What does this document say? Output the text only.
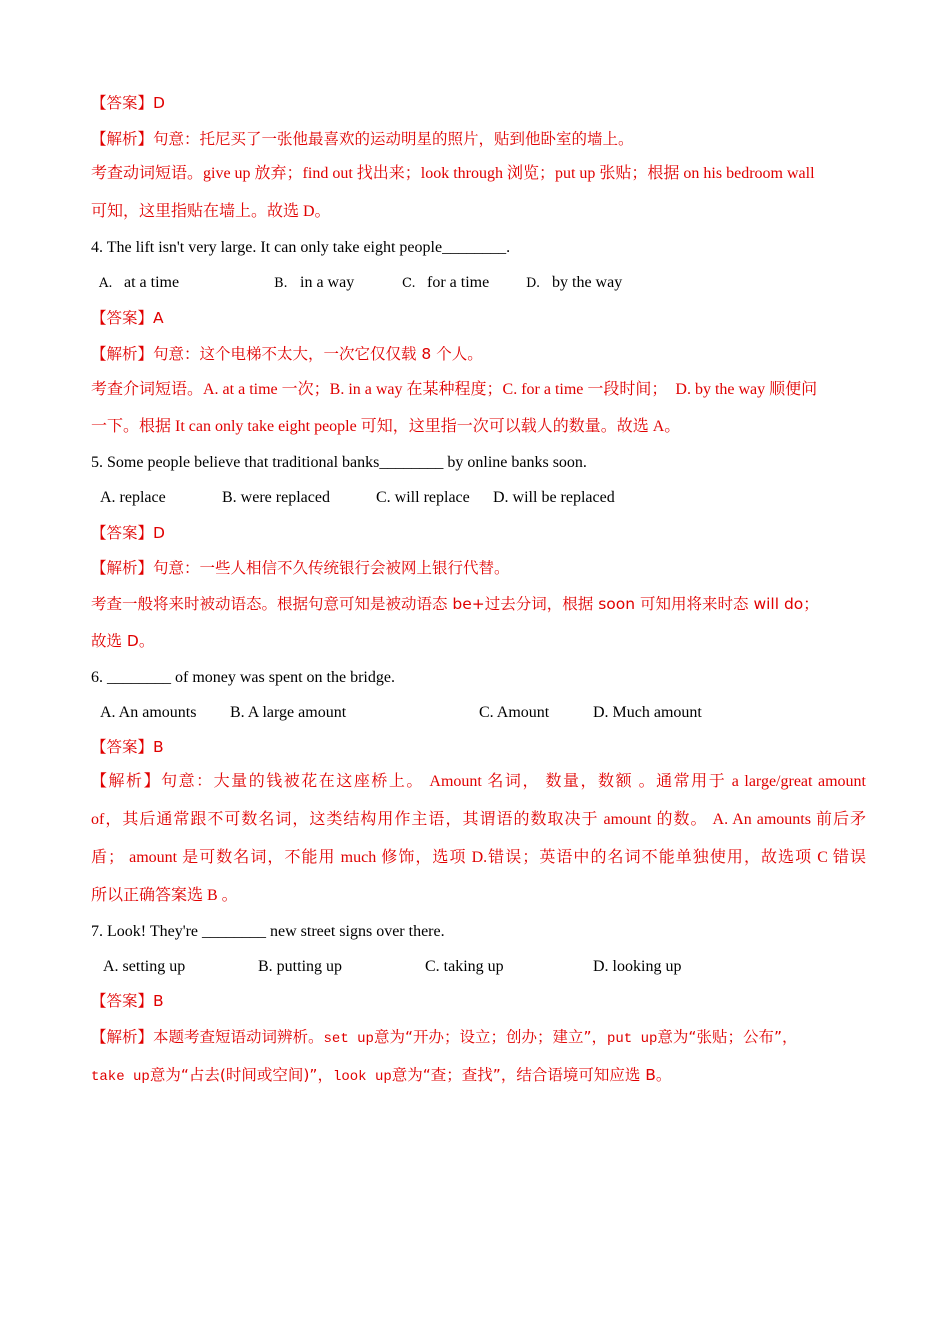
【答案】D
【解析】句意：托尼买了一张他最喜欢的运动明星的照片，贴到他卧室的墙上。
考查动词短语。give up 放弃；find out 找出来；look through 浏览；put up 张贴；根据 on his bedroom wall
可知，这里指贴在墙上。故选 D。
4. The lift isn't very large. It can only take eight people________.
A. at a time	B. in a way	C. for a time	D. by the way
【答案】A
【解析】句意：这个电梯不太大，一次它仅仅载 8 个人。
考查介词短语。A. at a time 一次；B. in a way 在某种程度；C. for a time 一段时间；　D. by the way 顺便问
一下。根据 It can only take eight people 可知，这里指一次可以载人的数量。故选 A。
5. Some people believe that traditional banks________ by online banks soon.
A. replace	B. were replaced	C. will replace D. will be replaced
【答案】D
【解析】句意：一些人相信不久传统银行会被网上银行代替。
考查一般将来时被动语态。根据句意可知是被动语态 be+过去分词，根据 soon 可知用将来时态 will do；
故选 D。
6. ________ of money was spent on the bridge.
A. An amounts B. A large amount	C. Amount	D. Much amount
【答案】B
【解析】句意：大量的钱被花在这座桥上。 Amount 名词， 数量，数额 。通常用于 a large/great amount
of，其后通常跟不可数名词，这类结构用作主语，其谓语的数取决于 amount 的数。 A. An amounts 前后矛
盾； amount 是可数名词，不能用 much 修饰，选项 D.错误；英语中的名词不能单独使用，故选项 C 错误
所以正确答案选 B 。
7. Look! They're ________ new street signs over there.
A. setting up	B. putting up	C. taking up	D. looking up
【答案】B
【解析】本题考查短语动词辨析。set up意为“开办；设立；创办；建立”，put up意为“张贴；公布”，
take up意为“占去(时间或空间)”，look up意为“查；查找”，结合语境可知应选 B。
